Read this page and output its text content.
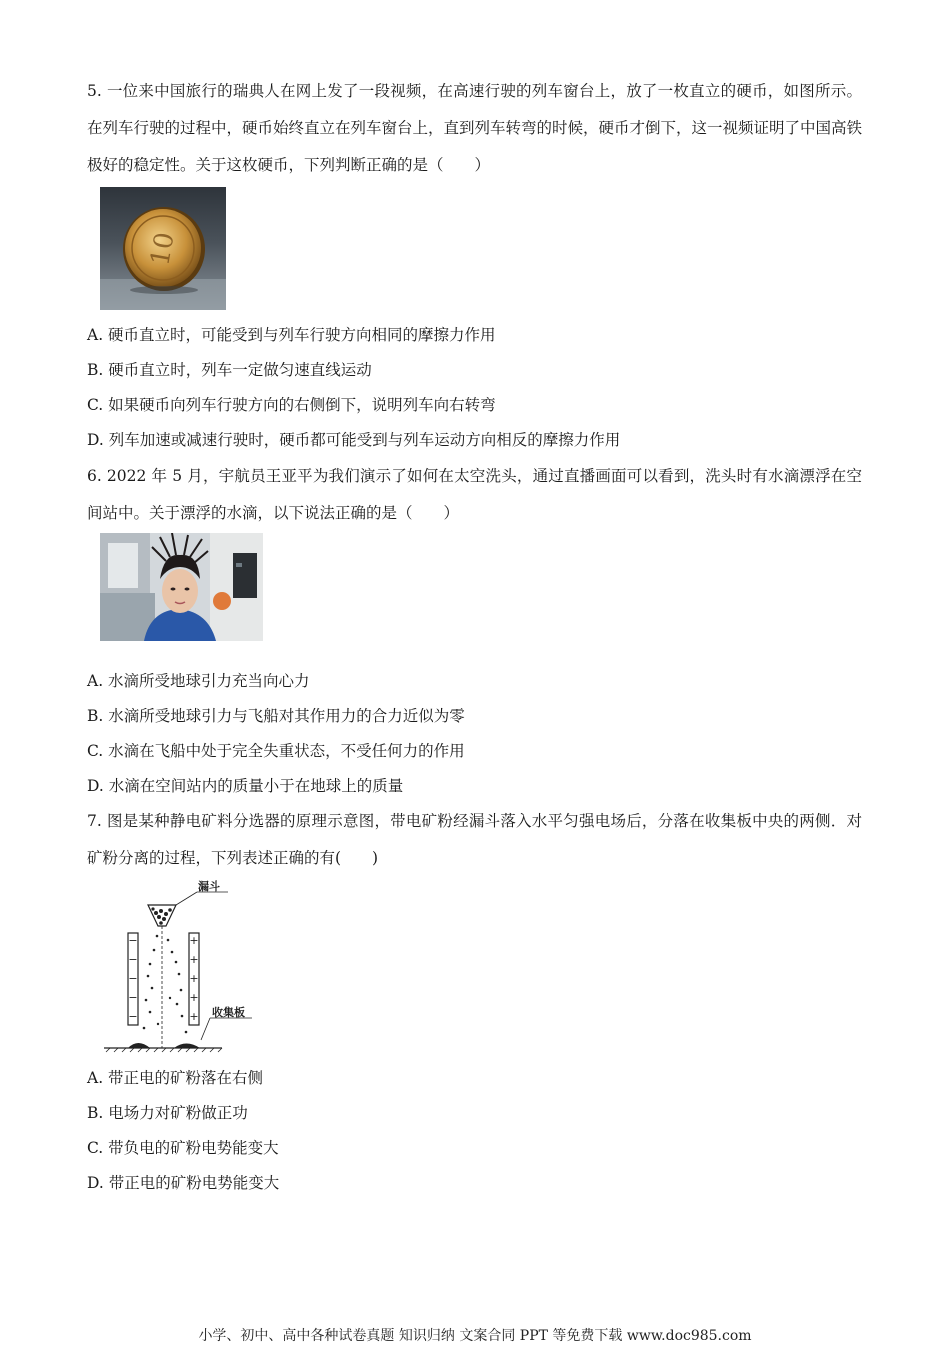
5. 一位来中国旅行的瑞典人在网上发了一段视频，在高速行驶的列车窗台上，放了一枚直立的硬币，如图所示。在列车行驶的过程中，硬币始终直立在列车窗台上，直到列车转弯的时候，硬币才倒下，这一视频证明了中国高铁极好的稳定性。关于这枚硬币，下列判断正确的是（　　）
10
A. 硬币直立时，可能受到与列车行驶方向相同的摩擦力作用
B. 硬币直立时，列车一定做匀速直线运动
C. 如果硬币向列车行驶方向的右侧倒下，说明列车向右转弯
D. 列车加速或减速行驶时，硬币都可能受到与列车运动方向相反的摩擦力作用
6. 2022 年 5 月，宇航员王亚平为我们演示了如何在太空洗头，通过直播画面可以看到，洗头时有水滴漂浮在空间站中。关于漂浮的水滴，以下说法正确的是（　　）
A. 水滴所受地球引力充当向心力
B. 水滴所受地球引力与飞船对其作用力的合力近似为零
C. 水滴在飞船中处于完全失重状态，不受任何力的作用
D. 水滴在空间站内的质量小于在地球上的质量
7. 图是某种静电矿料分选器的原理示意图，带电矿粉经漏斗落入水平匀强电场后，分落在收集板中央的两侧．对矿粉分离的过程，下列表述正确的有(　　)
漏斗
−
−
−
−
−
+
+
+
+
+ 收集板
A. 带正电的矿粉落在右侧
B. 电场力对矿粉做正功
C. 带负电的矿粉电势能变大
D. 带正电的矿粉电势能变大
小学、初中、高中各种试卷真题 知识归纳 文案合同 PPT 等免费下载 www.doc985.com
